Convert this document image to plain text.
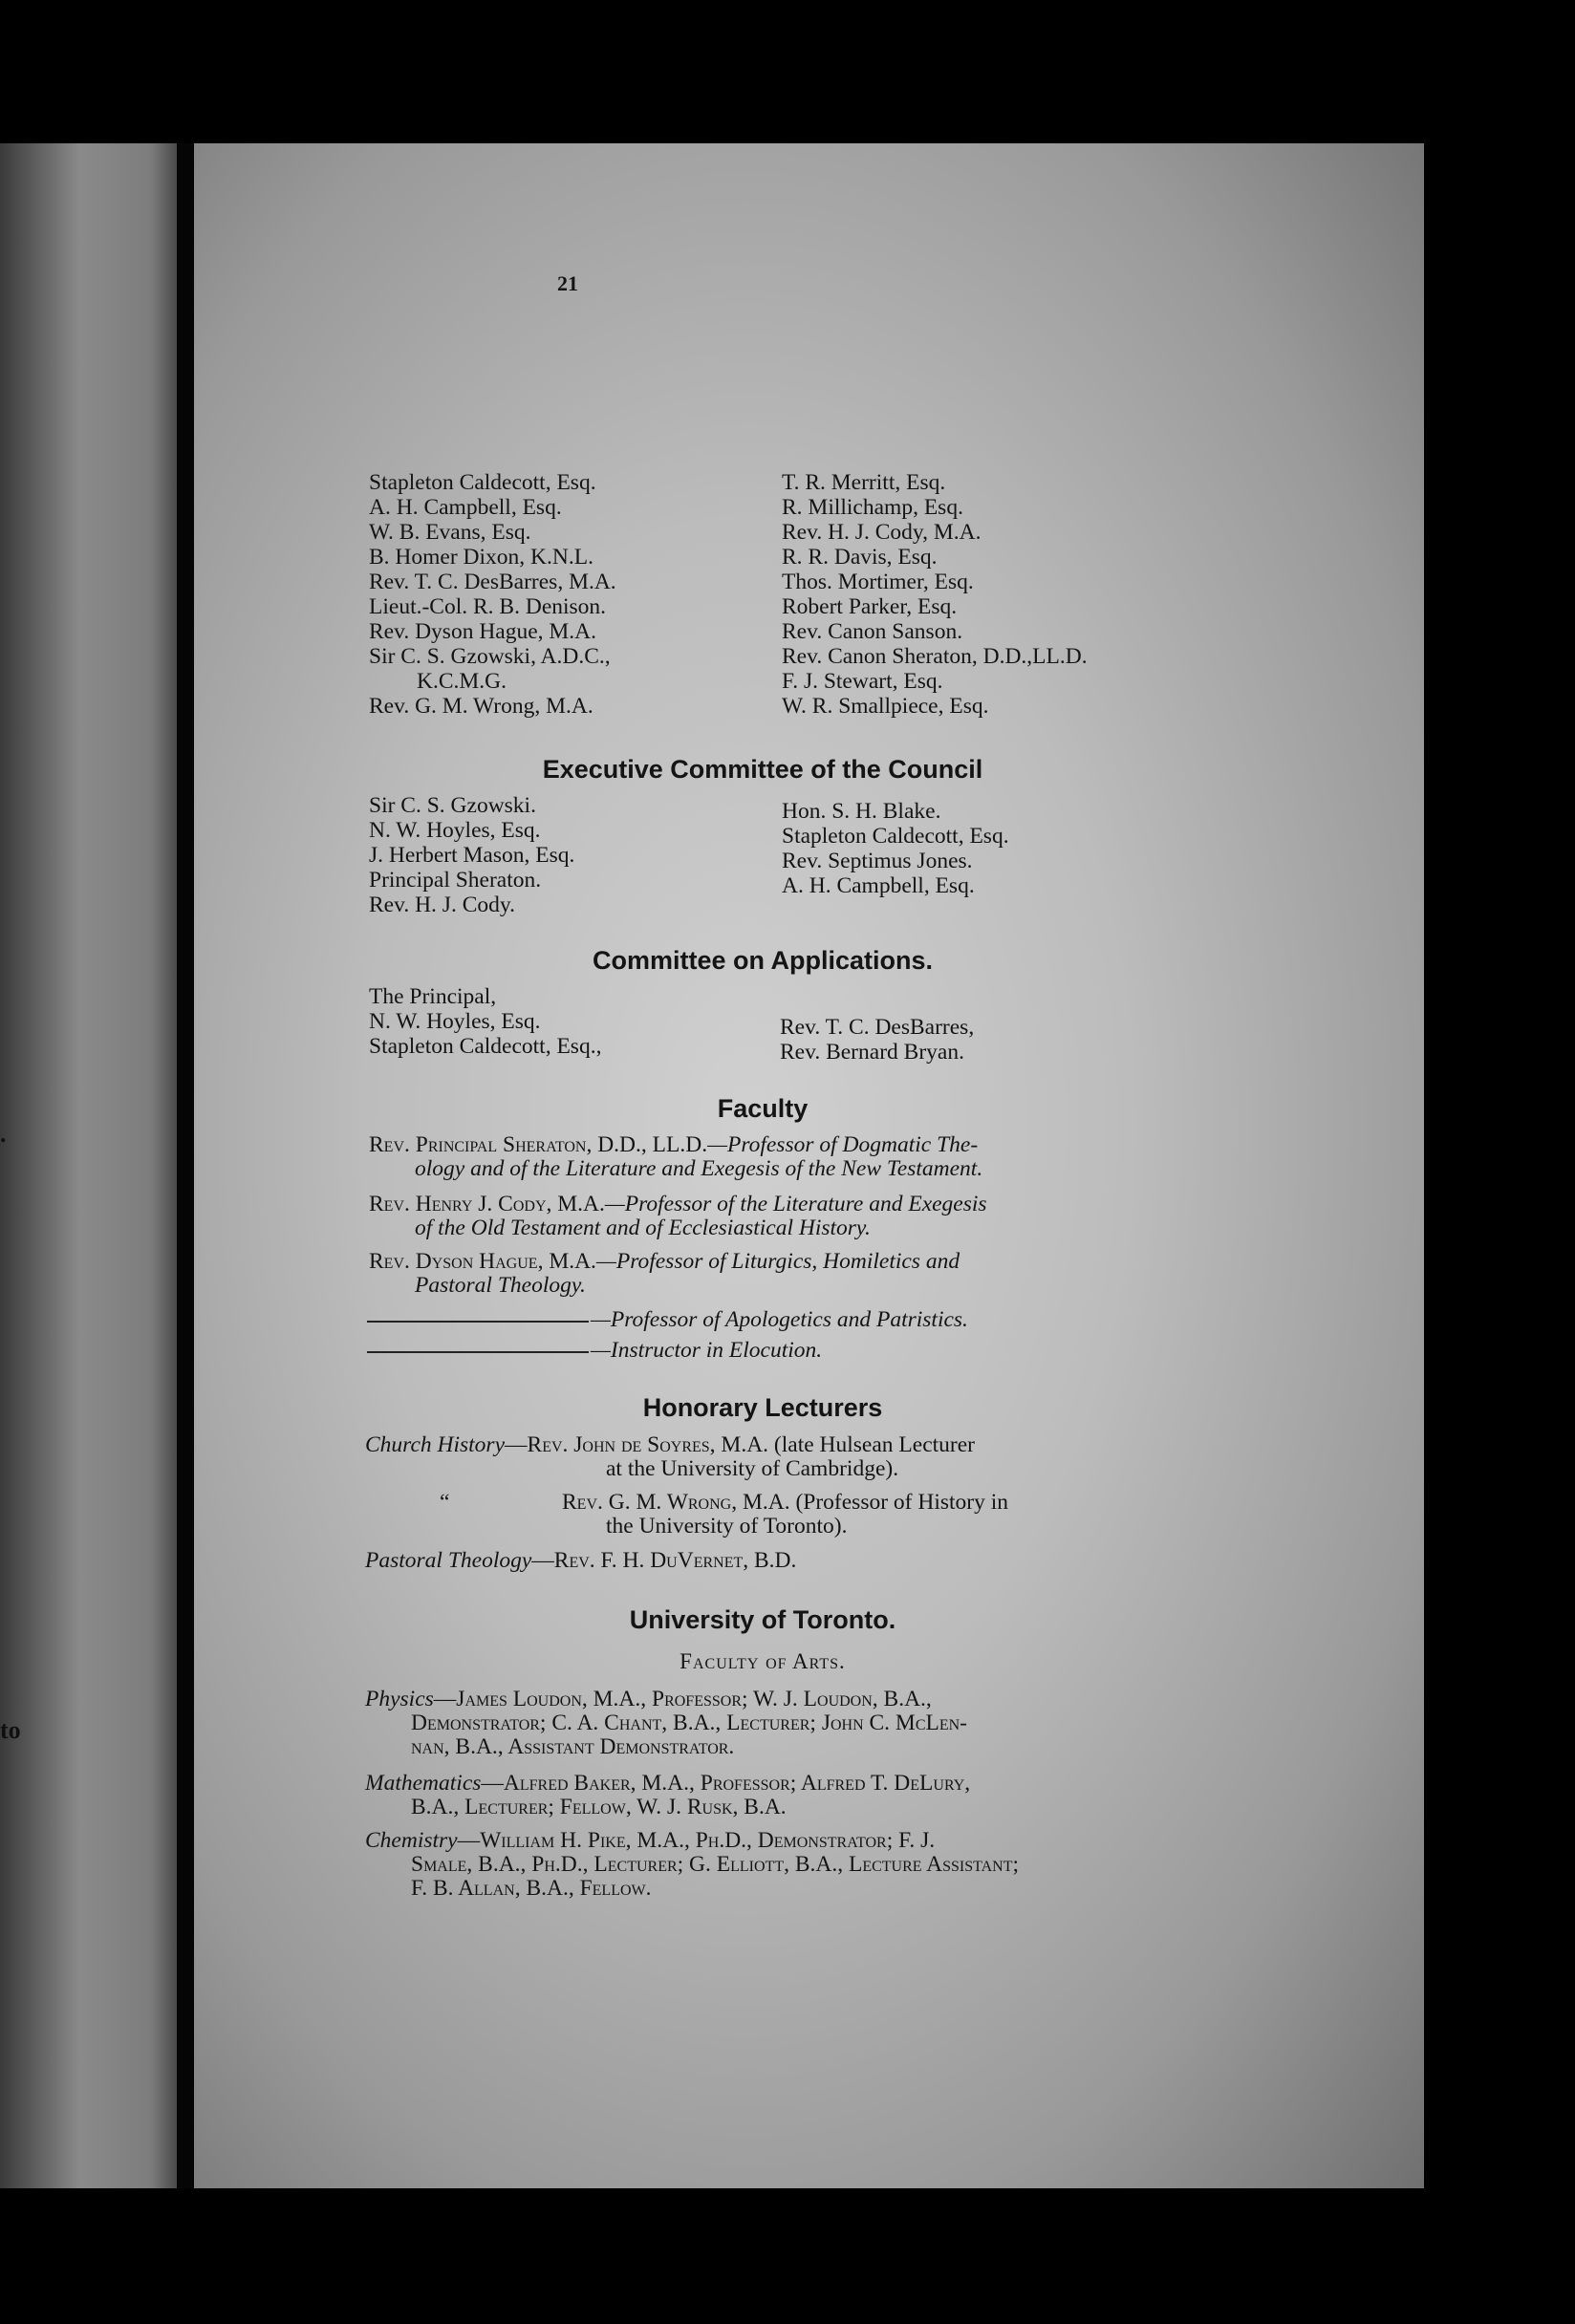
.
to
21
Stapleton Caldecott, Esq.
A. H. Campbell, Esq.
W. B. Evans, Esq.
B. Homer Dixon, K.N.L.
Rev. T. C. DesBarres, M.A.
Lieut.-Col. R. B. Denison.
Rev. Dyson Hague, M.A.
Sir C. S. Gzowski, A.D.C.,
K.C.M.G.
Rev. G. M. Wrong, M.A.
T. R. Merritt, Esq.
R. Millichamp, Esq.
Rev. H. J. Cody, M.A.
R. R. Davis, Esq.
Thos. Mortimer, Esq.
Robert Parker, Esq.
Rev. Canon Sanson.
Rev. Canon Sheraton, D.D.,LL.D.
F. J. Stewart, Esq.
W. R. Smallpiece, Esq.
Executive Committee of the Council
Sir C. S. Gzowski.
N. W. Hoyles, Esq.
J. Herbert Mason, Esq.
Principal Sheraton.
Rev. H. J. Cody.
Hon. S. H. Blake.
Stapleton Caldecott, Esq.
Rev. Septimus Jones.
A. H. Campbell, Esq.
Committee on Applications.
The Principal,
N. W. Hoyles, Esq.
Stapleton Caldecott, Esq.,
Rev. T. C. DesBarres,
Rev. Bernard Bryan.
Faculty
Rev. Principal Sheraton, D.D., LL.D.—Professor of Dogmatic The-
ology and of the Literature and Exegesis of the New Testament.
Rev. Henry J. Cody, M.A.—Professor of the Literature and Exegesis
of the Old Testament and of Ecclesiastical History.
Rev. Dyson Hague, M.A.—Professor of Liturgics, Homiletics and
Pastoral Theology.
—Professor of Apologetics and Patristics.
—Instructor in Elocution.
Honorary Lecturers
Church History—Rev. John de Soyres, M.A. (late Hulsean Lecturer
at the University of Cambridge).
“	Rev. G. M. Wrong, M.A. (Professor of History in
the University of Toronto).
Pastoral Theology—Rev. F. H. DuVernet, B.D.
University of Toronto.
Faculty of Arts.
Physics—James Loudon, M.A., Professor; W. J. Loudon, B.A.,
Demonstrator; C. A. Chant, B.A., Lecturer; John C. McLen-
nan, B.A., Assistant Demonstrator.
Mathematics—Alfred Baker, M.A., Professor; Alfred T. DeLury,
B.A., Lecturer; Fellow, W. J. Rusk, B.A.
Chemistry—William H. Pike, M.A., Ph.D., Demonstrator; F. J.
Smale, B.A., Ph.D., Lecturer; G. Elliott, B.A., Lecture Assistant;
F. B. Allan, B.A., Fellow.
